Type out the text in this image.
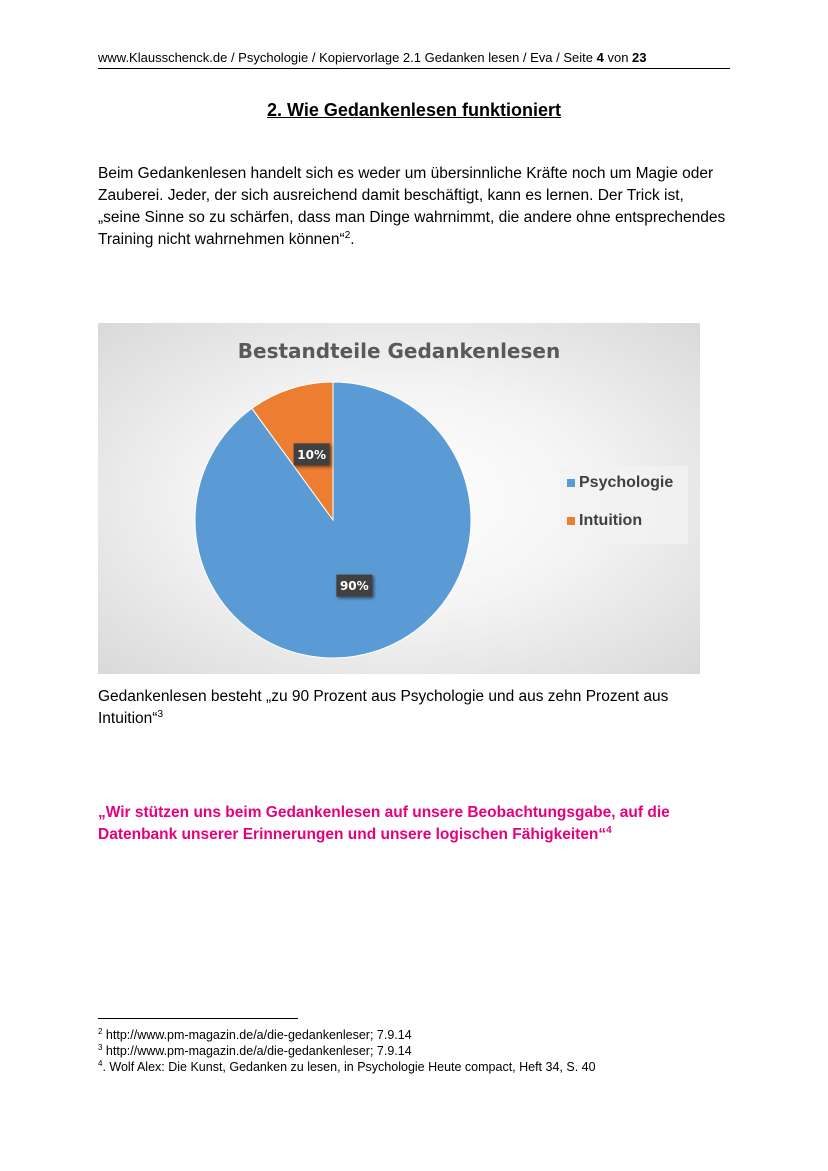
www.Klausschenck.de / Psychologie / Kopiervorlage 2.1 Gedanken lesen / Eva / Seite 4 von 23
2. Wie Gedankenlesen funktioniert
Beim Gedankenlesen handelt sich es weder um übersinnliche Kräfte noch um Magie oder Zauberei. Jeder, der sich ausreichend damit beschäftigt, kann es lernen. Der Trick ist, „seine Sinne so zu schärfen, dass man Dinge wahrnimmt, die andere ohne entsprechendes Training nicht wahrnehmen können“$^2$.
Bestandteile Gedankenlesen
90%
10%
Psychologie
Intuition
Gedankenlesen besteht „zu 90 Prozent aus Psychologie und aus zehn Prozent aus Intuition“$^3$
„Wir stützen uns beim Gedankenlesen auf unsere Beobachtungsgabe, auf die Datenbank unserer Erinnerungen und unsere logischen Fähigkeiten“$^4$
$^2$ http://www.pm-magazin.de/a/die-gedankenleser; 7.9.14
$^3$ http://www.pm-magazin.de/a/die-gedankenleser; 7.9.14
$^4$. Wolf Alex: Die Kunst, Gedanken zu lesen, in Psychologie Heute compact, Heft 34, S. 40
